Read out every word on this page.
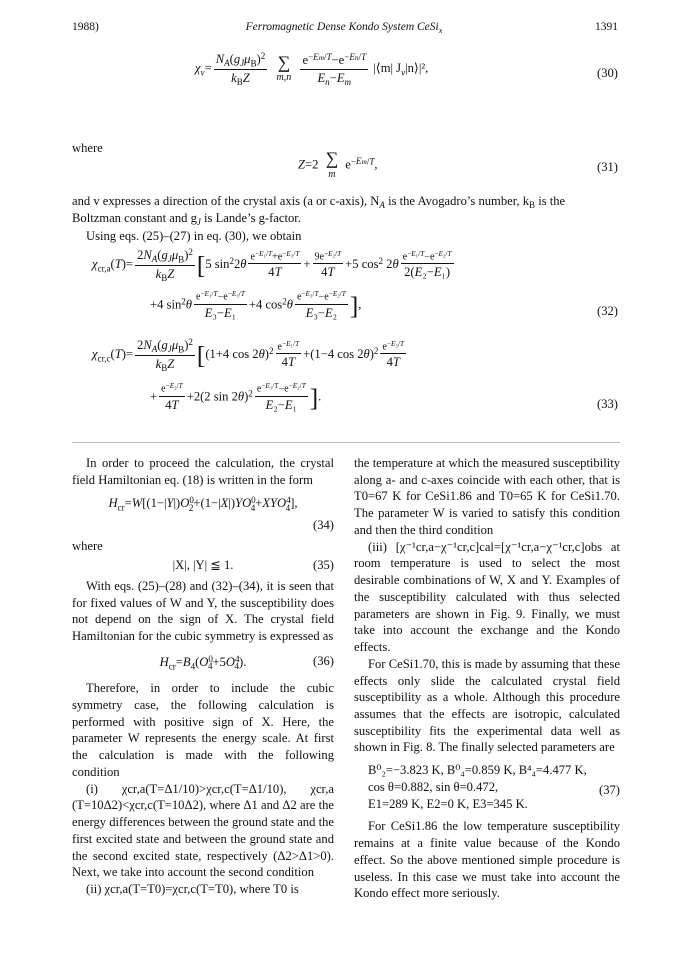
1988)	Ferromagnetic Dense Kondo System CeSi$_x$	1391
$\chi_v= \frac{N_A(g_J\mu_B)^2}{k_BZ}$
∑
m,n
$\frac{e^{-Em/T}-e^{-En/T}}{E_n-E_m}$ |⟨m| $J_v|n⟩|^2$,	(30)
where
Z=2 ∑
m
$e^{-Em/T}$,	(31)
and v expresses a direction of the crystal axis (a or c-axis), $N_A$ is the Avogadro’s number, $k_B$ is the
Boltzman constant and $g_J$ is Lande’s g-factor.
Using eqs. (25)–(27) in eq. (30), we obtain
$\chi_{cr,a}(T)= \frac{2N_A(g_J\mu_B)^2}{k_BZ} [5$ $\sin^22\theta \frac{e^{-E_1/T}+e^{-E_3/T}}{4T} + \frac{9e^{-E_2/T}}{4T} +5$ $\cos^2 2\theta \frac{e^{-E_1/T}-e^{-E_2/T}}{\text{2(E₂−E₁)}}$
+4 $\sin^2\theta \frac{e^{-E_1/T}-e^{-E_3/T}}{\text{E₃−E₁}} +4$ $\cos^2\theta \frac{e^{-E_3/T}-e^{-E_2/T}}{\text{E₃−E₂}}$ ],	(32)
$\chi_{cr,c}(T)= \frac{2N_A(g_J\mu_B)^2}{k_BZ} [(1+4$ $\cos 2\theta)^2 \frac{e^{-E_1/T}}{4T} +(1-4$ $\cos 2\theta)^2 \frac{e^{-E_3/T}}{4T}$
+ $\frac{e^{-E_2/T}}{4T} +2(2$ $\sin 2\theta)^2 \frac{e^{-E_1/T}-e^{-E_2/T}}{\text{E₂−E₁}}$ ].
(33)

In order to proceed the calculation, the crystal field Hamiltonian eq. (18) is written in the form

$H_{cr}=W[(1-|Y|)O^0_2+(1-|X|)YO^0_4+XYO^4_4]$,
(34)

where

|X|, |Y| ≦ 1.	(35)

With eqs. (25)–(28) and (32)–(34), it is seen that for fixed values of W and Y, the susceptibility does not depend on the sign of X. The crystal field Hamiltonian for the cubic symmetry is expressed as

$H_{cr}=B_4(O^0_4+5O^4_4)$.	(36)

Therefore, in order to include the cubic symmetry case, the following calculation is performed with positive sign of X. Here, the parameter W represents the energy scale. At first the calculation is made with the following condition

(i) χcr,a(T=Δ1/10)>χcr,c(T=Δ1/10), χcr,a (T=10Δ2)<χcr,c(T=10Δ2), where Δ1 and Δ2 are the energy differences between the ground state and the first excited state and between the ground state and the second excited state, respectively (Δ2>Δ1>0). Next, we take into account the second condition

(ii) χcr,a(T=T0)=χcr,c(T=T0), where T0 is

the temperature at which the measured susceptibility along a- and c-axes coincide with each other, that is T0=67 K for CeSi1.86 and T0=65 K for CeSi1.70. The parameter W is varied to satisfy this condition and then the third condition

(iii) [χ⁻¹cr,a−χ⁻¹cr,c]cal=[χ⁻¹cr,a−χ⁻¹cr,c]obs at room temperature is used to select the most desirable combinations of W, X and Y. Examples of the susceptibility calculated with thus selected parameters are shown in Fig. 9. Finally, we must take into account the exchange and the Kondo effects.

For CeSi1.70, this is made by assuming that these effects only slide the calculated crystal field susceptibility as a whole. Although this procedure assumes that the effects are isotropic, calculated susceptibility fits the experimental data well as shown in Fig. 8. The finally selected parameters are

B⁰₂=−3.823 K, B⁰₄=0.859 K, B⁴₄=4.477 K,
cos θ=0.882, sin θ=0.472,
E1=289 K, E2=0 K, E3=345 K.
(37)

For CeSi1.86 the low temperature susceptibility remains at a finite value because of the Kondo effect. So the above mentioned simple procedure is useless. In this case we must take into account the Kondo effect more seriously.
